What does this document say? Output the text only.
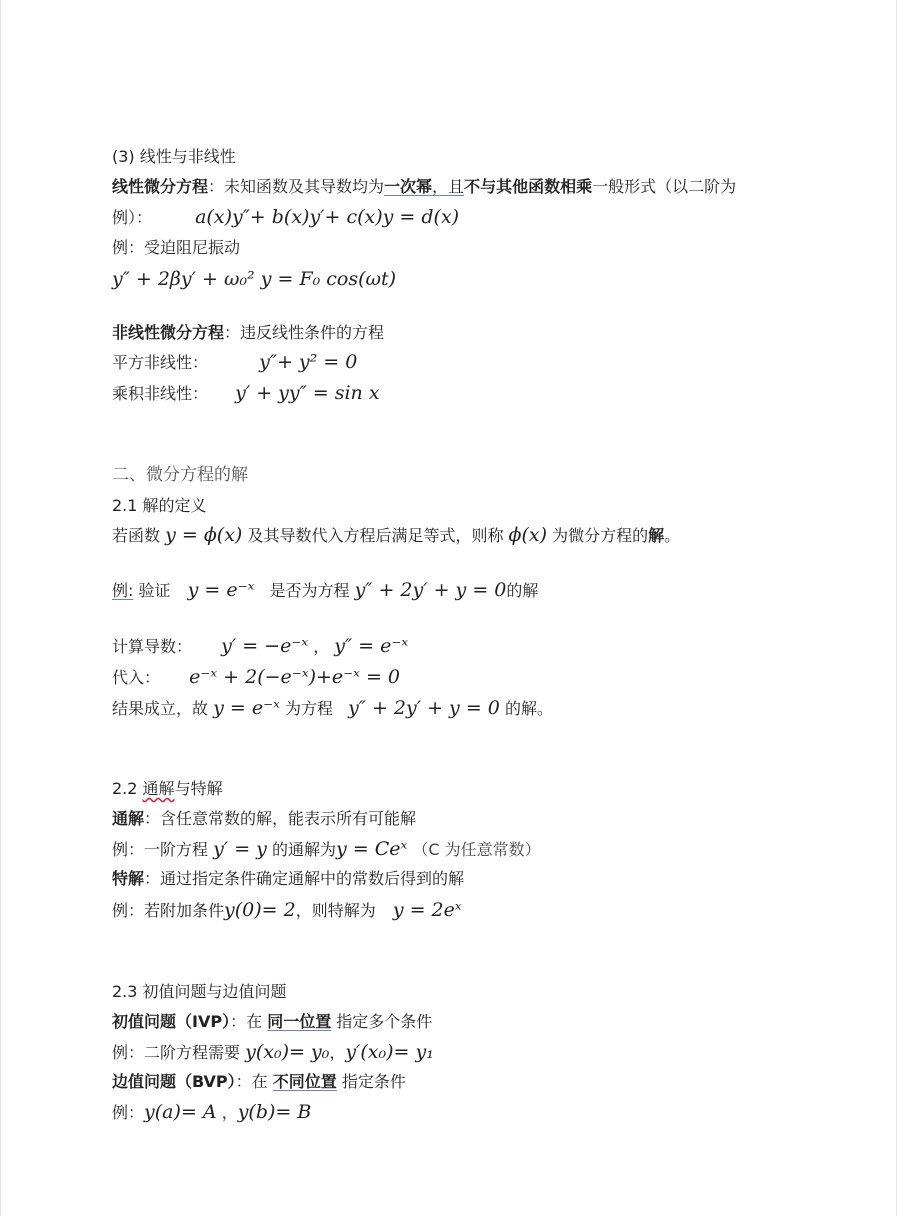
(3) 线性与非线性
线性微分方程：未知函数及其导数均为一次幂，且不与其他函数相乘一般形式（以二阶为
例）： a(x)y″+ b(x)y′+ c(x)y = d(x)
例：受迫阻尼振动
y″ + 2βy′ + ω₀² y = F₀ cos(ωt)
非线性微分方程：违反线性条件的方程
平方非线性：	y″+ y² = 0
乘积非线性： y′ + yy″ = sin x
二、微分方程的解
2.1 解的定义
若函数 y = ϕ(x) 及其导数代入方程后满足等式，则称 ϕ(x) 为微分方程的解。
例: 验证 y = e⁻ˣ 是否为方程 y″ + 2y′ + y = 0的解
计算导数： y′ = −e⁻ˣ ， y″ = e⁻ˣ
代入： e⁻ˣ + 2(−e⁻ˣ)+e⁻ˣ = 0
结果成立，故 y = e⁻ˣ 为方程 y″ + 2y′ + y = 0 的解。
2.2 通解与特解
通解：含任意常数的解，能表示所有可能解
例：一阶方程 y′ = y 的通解为y = Ceˣ （C 为任意常数）
特解：通过指定条件确定通解中的常数后得到的解
例：若附加条件y(0)= 2，则特解为 y = 2eˣ
2.3 初值问题与边值问题
初值问题（IVP）：在 同一位置 指定多个条件
例：二阶方程需要 y(x₀)= y₀，y′(x₀)= y₁
边值问题（BVP）：在 不同位置 指定条件
例：y(a)= A ，y(b)= B
